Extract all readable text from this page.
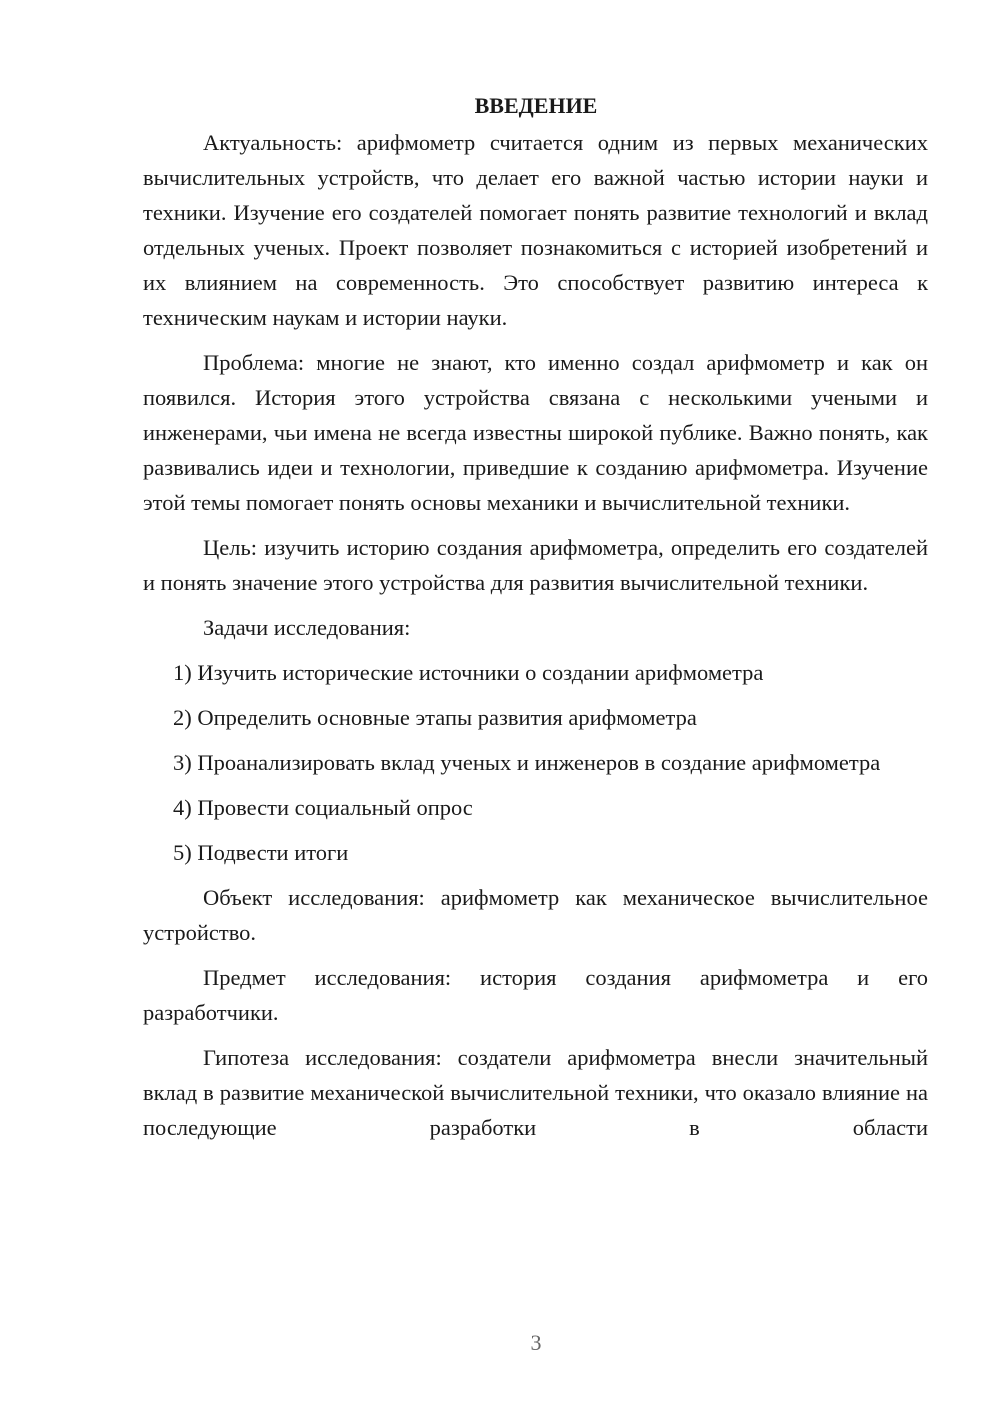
ВВЕДЕНИЕ

Актуальность: арифмометр считается одним из первых механических вычислительных устройств, что делает его важной частью истории науки и техники. Изучение его создателей помогает понять развитие технологий и вклад отдельных ученых. Проект позволяет познакомиться с историей изобретений и их влиянием на современность. Это способствует развитию интереса к техническим наукам и истории науки.

Проблема: многие не знают, кто именно создал арифмометр и как он появился. История этого устройства связана с несколькими учеными и инженерами, чьи имена не всегда известны широкой публике. Важно понять, как развивались идеи и технологии, приведшие к созданию арифмометра. Изучение этой темы помогает понять основы механики и вычислительной техники.

Цель: изучить историю создания арифмометра, определить его создателей и понять значение этого устройства для развития вычислительной техники.

Задачи исследования:

1) Изучить исторические источники о создании арифмометра

2) Определить основные этапы развития арифмометра

3) Проанализировать вклад ученых и инженеров в создание арифмометра

4) Провести социальный опрос

5) Подвести итоги

Объект исследования: арифмометр как механическое вычислительное устройство.

Предмет исследования: история создания арифмометра и его разработчики.

Гипотеза исследования: создатели арифмометра внесли значительный вклад в развитие механической вычислительной техники, что оказало влияние на последующие разработки в области

3
